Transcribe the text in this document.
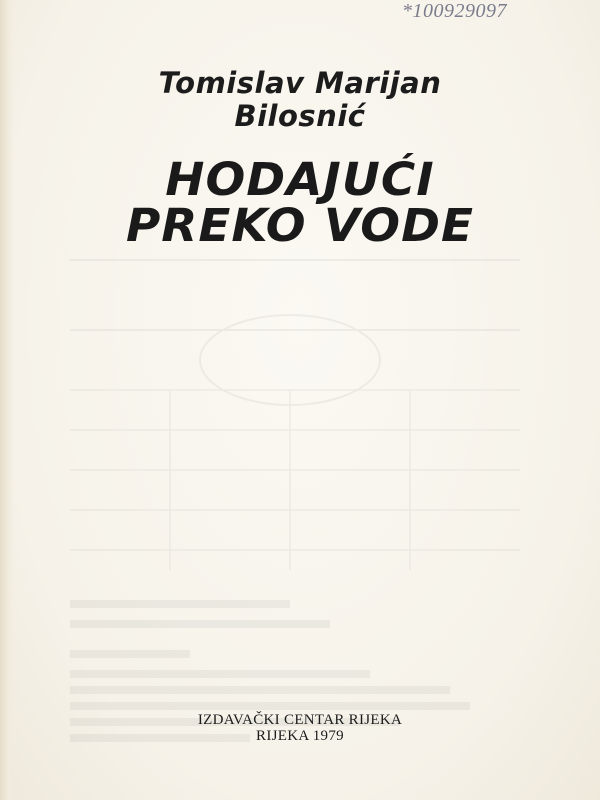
*100929097
Tomislav Marijan
Bilosnić
HODAJUĆI
PREKO VODE
IZDAVAČKI CENTAR RIJEKA
RIJEKA 1979
